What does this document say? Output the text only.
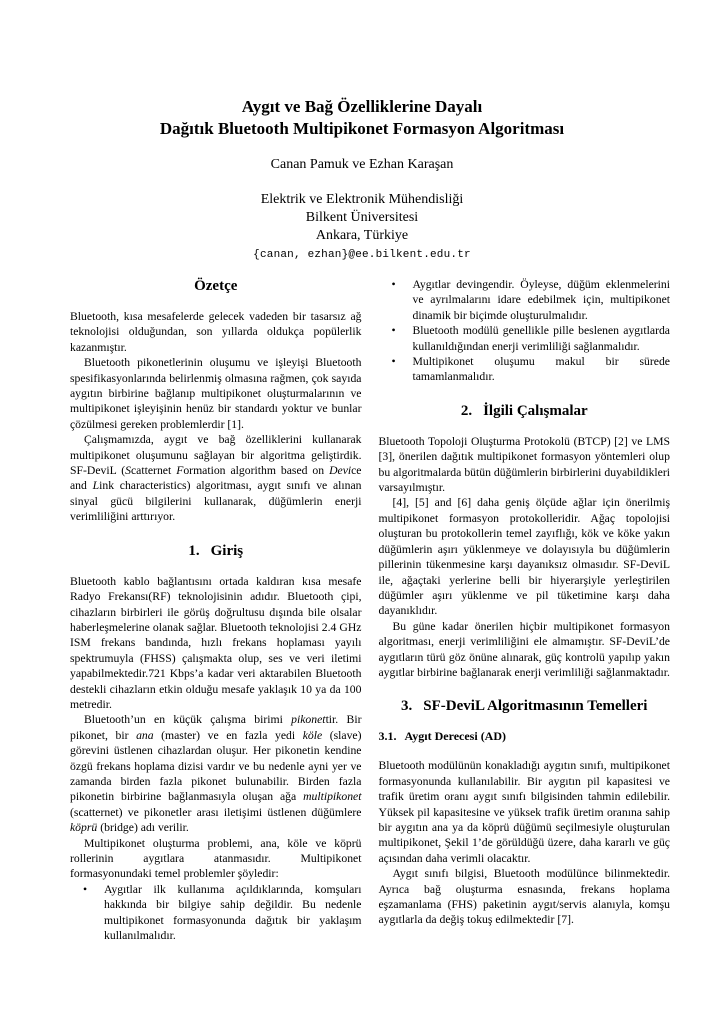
Aygıt ve Bağ Özelliklerine Dayalı
Dağıtık Bluetooth Multipikonet Formasyon Algoritması
Canan Pamuk ve Ezhan Karaşan
Elektrik ve Elektronik Mühendisliği
Bilkent Üniversitesi
Ankara, Türkiye
{canan, ezhan}@ee.bilkent.edu.tr
Özetçe

Bluetooth, kısa mesafelerde gelecek vadeden bir tasarsız ağ teknolojisi olduğundan, son yıllarda oldukça popülerlik kazanmıştır.

Bluetooth pikonetlerinin oluşumu ve işleyişi Bluetooth spesifikasyonlarında belirlenmiş olmasına rağmen, çok sayıda aygıtın birbirine bağlanıp multipikonet oluşturmalarının ve multipikonet işleyişinin henüz bir standardı yoktur ve bunlar çözülmesi gereken problemlerdir [1].

Çalışmamızda, aygıt ve bağ özelliklerini kullanarak multipikonet oluşumunu sağlayan bir algoritma geliştirdik. SF-DeviL (Scatternet Formation algorithm based on Device and Link characteristics) algoritması, aygıt sınıfı ve alınan sinyal gücü bilgilerini kullanarak, düğümlerin enerji verimliliğini arttırıyor.

1. Giriş

Bluetooth kablo bağlantısını ortada kaldıran kısa mesafe Radyo Frekansı(RF) teknolojisinin adıdır. Bluetooth çipi, cihazların birbirleri ile görüş doğrultusu dışında bile olsalar haberleşmelerine olanak sağlar. Bluetooth teknolojisi 2.4 GHz ISM frekans bandında, hızlı frekans hoplaması yayılı spektrumuyla (FHSS) çalışmakta olup, ses ve veri iletimi yapabilmektedir.721 Kbps’a kadar veri aktarabilen Bluetooth destekli cihazların etkin olduğu mesafe yaklaşık 10 ya da 100 metredir.

Bluetooth’un en küçük çalışma birimi pikonettir. Bir pikonet, bir ana (master) ve en fazla yedi köle (slave) görevini üstlenen cihazlardan oluşur. Her pikonetin kendine özgü frekans hoplama dizisi vardır ve bu nedenle ayni yer ve zamanda birden fazla pikonet bulunabilir. Birden fazla pikonetin birbirine bağlanmasıyla oluşan ağa multipikonet (scatternet) ve pikonetler arası iletişimi üstlenen düğümlere köprü (bridge) adı verilir.

Multipikonet oluşturma problemi, ana, köle ve köprü rollerinin aygıtlara atanmasıdır. Multipikonet formasyonundaki temel problemler şöyledir:

• Aygıtlar ilk kullanıma açıldıklarında, komşuları hakkında bir bilgiye sahip değildir. Bu nedenle multipikonet formasyonunda dağıtık bir yaklaşım kullanılmalıdır.
• Aygıtlar devingendir. Öyleyse, düğüm eklenmelerini ve ayrılmalarını idare edebilmek için, multipikonet dinamik bir biçimde oluşturulmalıdır.
• Bluetooth modülü genellikle pille beslenen aygıtlarda kullanıldığından enerji verimliliği sağlanmalıdır.
• Multipikonet oluşumu makul bir sürede tamamlanmalıdır.
2. İlgili Çalışmalar

Bluetooth Topoloji Oluşturma Protokolü (BTCP) [2] ve LMS [3], önerilen dağıtık multipikonet formasyon yöntemleri olup bu algoritmalarda bütün düğümlerin birbirlerini duyabildikleri varsayılmıştır.

[4], [5] and [6] daha geniş ölçüde ağlar için önerilmiş multipikonet formasyon protokolleridir. Ağaç topolojisi oluşturan bu protokollerin temel zayıflığı, kök ve köke yakın düğümlerin aşırı yüklenmeye ve dolayısıyla bu düğümlerin pillerinin tükenmesine karşı dayanıksız olmasıdır. SF-DeviL ile, ağaçtaki yerlerine belli bir hiyerarşiyle yerleştirilen düğümler aşırı yüklenme ve pil tüketimine karşı daha dayanıklıdır.

Bu güne kadar önerilen hiçbir multipikonet formasyon algoritması, enerji verimliliğini ele almamıştır. SF-DeviL’de aygıtların türü göz önüne alınarak, güç kontrolü yapılıp yakın aygıtlar birbirine bağlanarak enerji verimliliği sağlanmaktadır.

3. SF-DeviL Algoritmasının Temelleri
3.1. Aygıt Derecesi (AD)

Bluetooth modülünün konakladığı aygıtın sınıfı, multipikonet formasyonunda kullanılabilir. Bir aygıtın pil kapasitesi ve trafik üretim oranı aygıt sınıfı bilgisinden tahmin edilebilir. Yüksek pil kapasitesine ve yüksek trafik üretim oranına sahip bir aygıtın ana ya da köprü düğümü seçilmesiyle oluşturulan multipikonet, Şekil 1’de görüldüğü üzere, daha kararlı ve güç açısından daha verimli olacaktır.

Aygıt sınıfı bilgisi, Bluetooth modülünce bilinmektedir. Ayrıca bağ oluşturma esnasında, frekans hoplama eşzamanlama (FHS) paketinin aygıt/servis alanıyla, komşu aygıtlarla da değiş tokuş edilmektedir [7].
